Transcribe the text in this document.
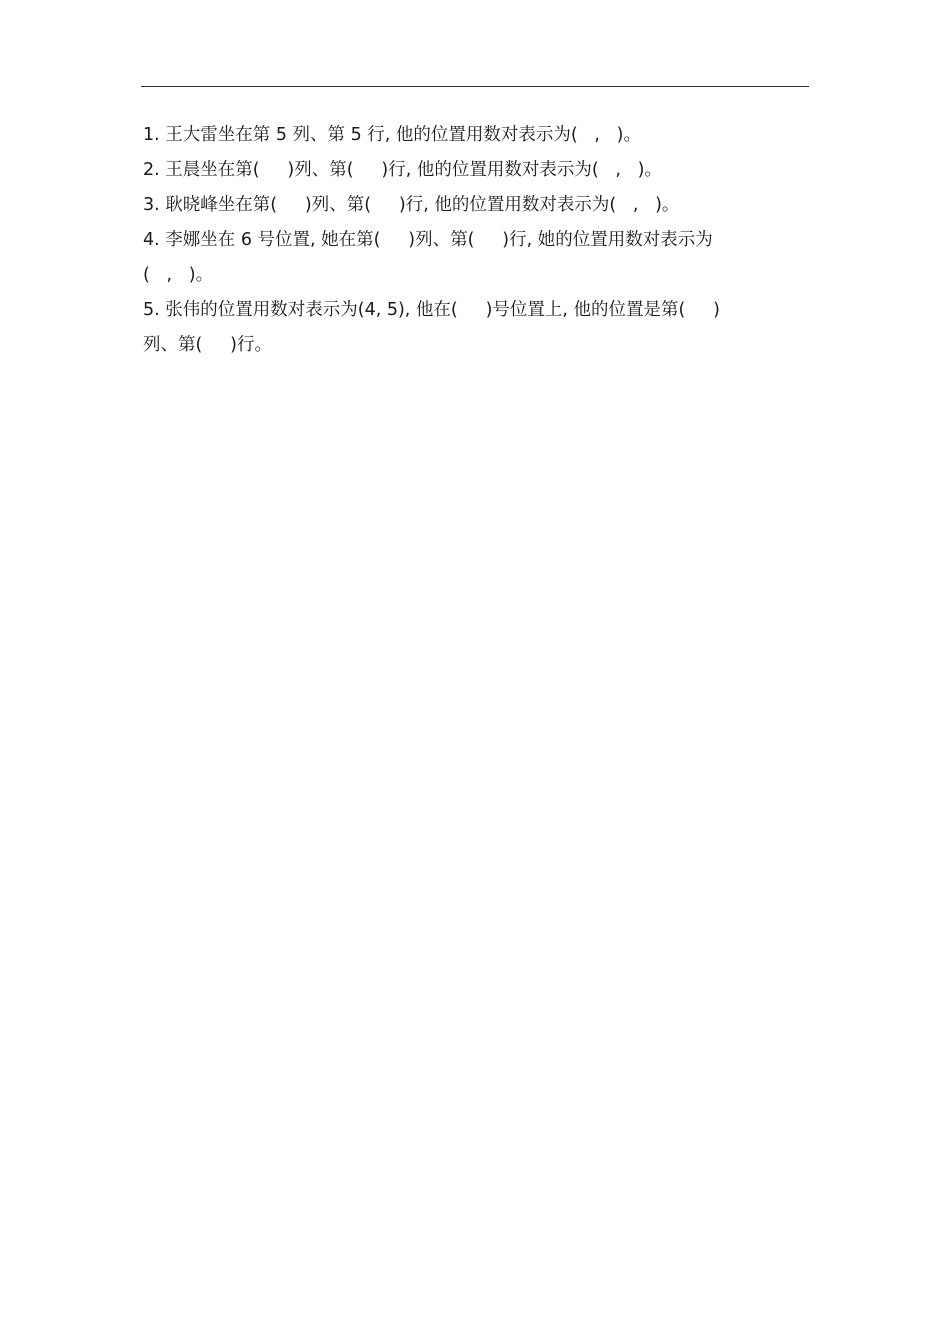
1. 王大雷坐在第 5 列、第 5 行, 他的位置用数对表示为(   ,   )。
2. 王晨坐在第(     )列、第(     )行, 他的位置用数对表示为(   ,   )。
3. 耿晓峰坐在第(     )列、第(     )行, 他的位置用数对表示为(   ,   )。
4. 李娜坐在 6 号位置, 她在第(     )列、第(     )行, 她的位置用数对表示为
(   ,   )。
5. 张伟的位置用数对表示为(4, 5), 他在(     )号位置上, 他的位置是第(     )
列、第(     )行。
